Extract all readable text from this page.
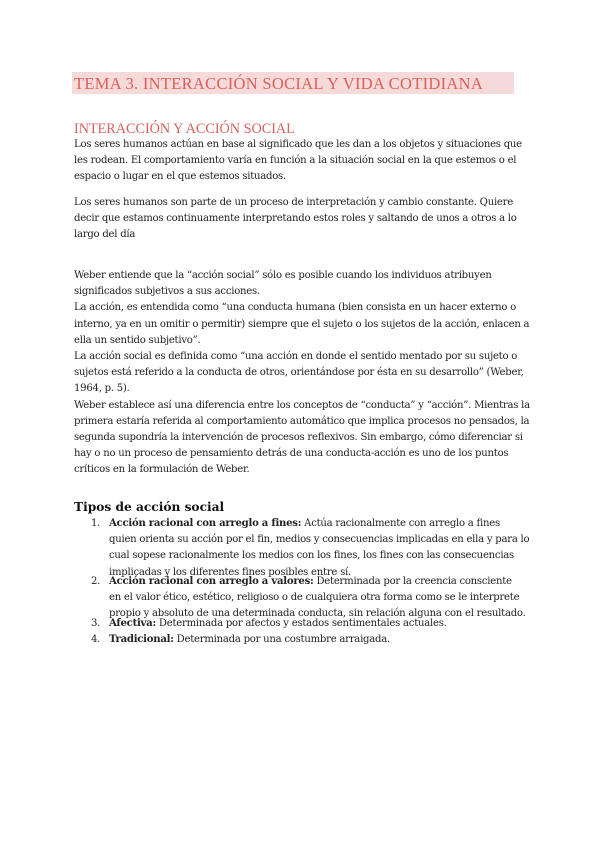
TEMA 3. INTERACCIÓN SOCIAL Y VIDA COTIDIANA
INTERACCIÓN Y ACCIÓN SOCIAL
Los seres humanos actúan en base al significado que les dan a los objetos y situaciones que
les rodean. El comportamiento varía en función a la situación social en la que estemos o el
espacio o lugar en el que estemos situados.
Los seres humanos son parte de un proceso de interpretación y cambio constante. Quiere
decir que estamos continuamente interpretando estos roles y saltando de unos a otros a lo
largo del día
Weber entiende que la “acción social” sólo es posible cuando los individuos atribuyen
significados subjetivos a sus acciones.
La acción, es entendida como “una conducta humana (bien consista en un hacer externo o
interno, ya en un omitir o permitir) siempre que el sujeto o los sujetos de la acción, enlacen a
ella un sentido subjetivo”.
La acción social es definida como “una acción en donde el sentido mentado por su sujeto o
sujetos está referido a la conducta de otros, orientándose por ésta en su desarrollo” (Weber,
1964, p. 5).
Weber establece así una diferencia entre los conceptos de “conducta” y “acción”. Mientras la
primera estaría referida al comportamiento automático que implica procesos no pensados, la
segunda supondría la intervención de procesos reflexivos. Sin embargo, cómo diferenciar si
hay o no un proceso de pensamiento detrás de una conducta-acción es uno de los puntos
críticos en la formulación de Weber.
Tipos de acción social
1. Acción racional con arreglo a fines: Actúa racionalmente con arreglo a fines
quien orienta su acción por el fin, medios y consecuencias implicadas en ella y para lo
cual sopese racionalmente los medios con los fines, los fines con las consecuencias
implicadas y los diferentes fines posibles entre sí.
2. Acción racional con arreglo a valores: Determinada por la creencia consciente
en el valor ético, estético, religioso o de cualquiera otra forma como se le interprete
propio y absoluto de una determinada conducta, sin relación alguna con el resultado.
3. Afectiva: Determinada por afectos y estados sentimentales actuales.
4. Tradicional: Determinada por una costumbre arraigada.
